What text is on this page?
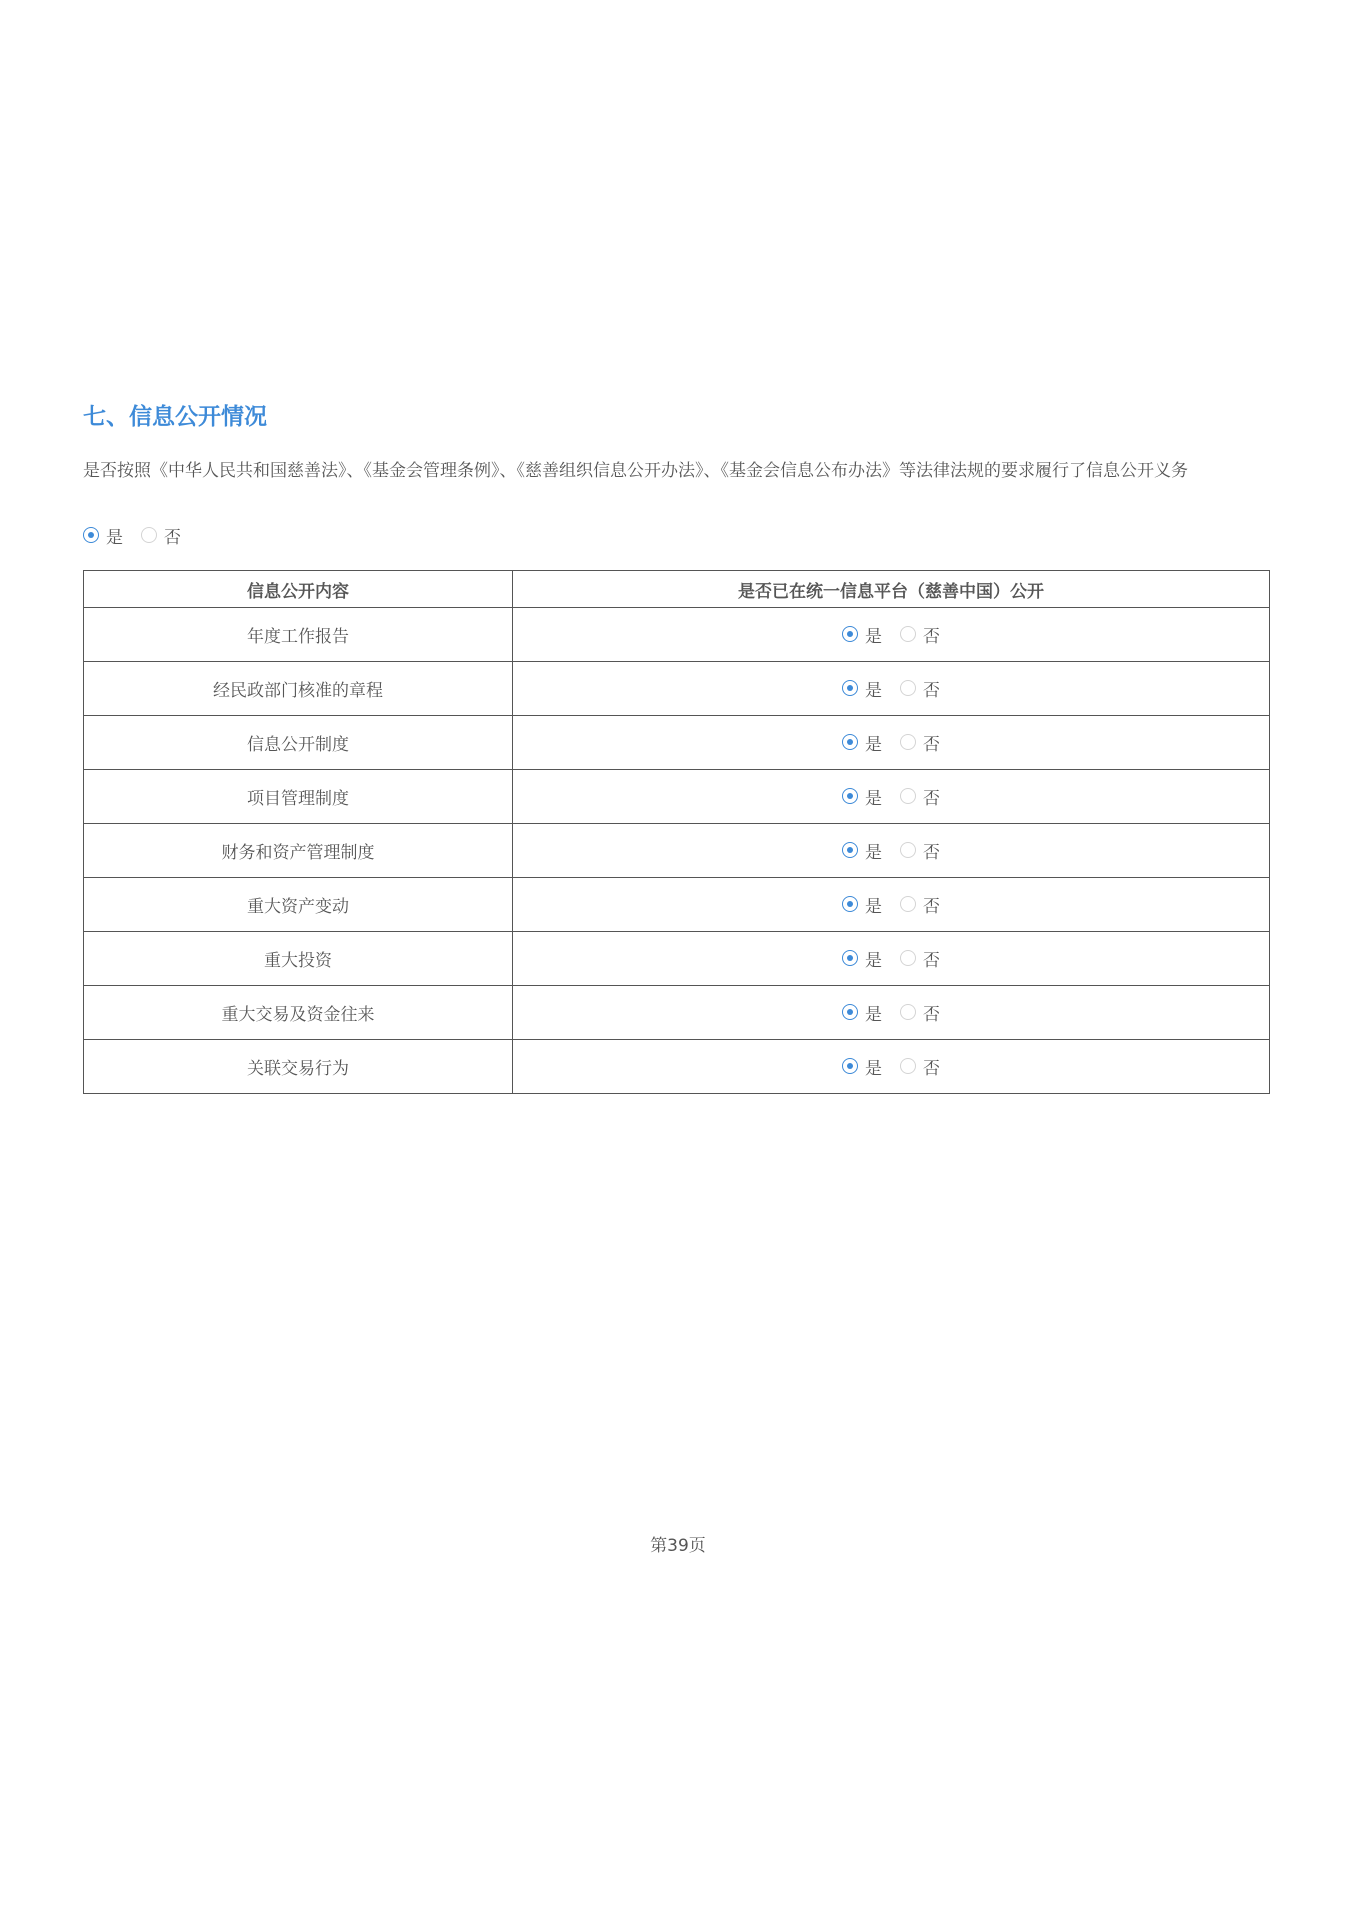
七、信息公开情况

是否按照《中华人民共和国慈善法》、《基金会管理条例》、《慈善组织信息公开办法》、《基金会信息公布办法》等法律法规的要求履行了信息公开义务

是 否
信息公开内容	是否已在统一信息平台（慈善中国）公开
年度工作报告	是 否

经民政部门核准的章程	是 否

信息公开制度	是 否

项目管理制度	是 否

财务和资产管理制度	是 否

重大资产变动	是 否

重大投资	是 否

重大交易及资金往来	是 否

关联交易行为	是 否
第39页
